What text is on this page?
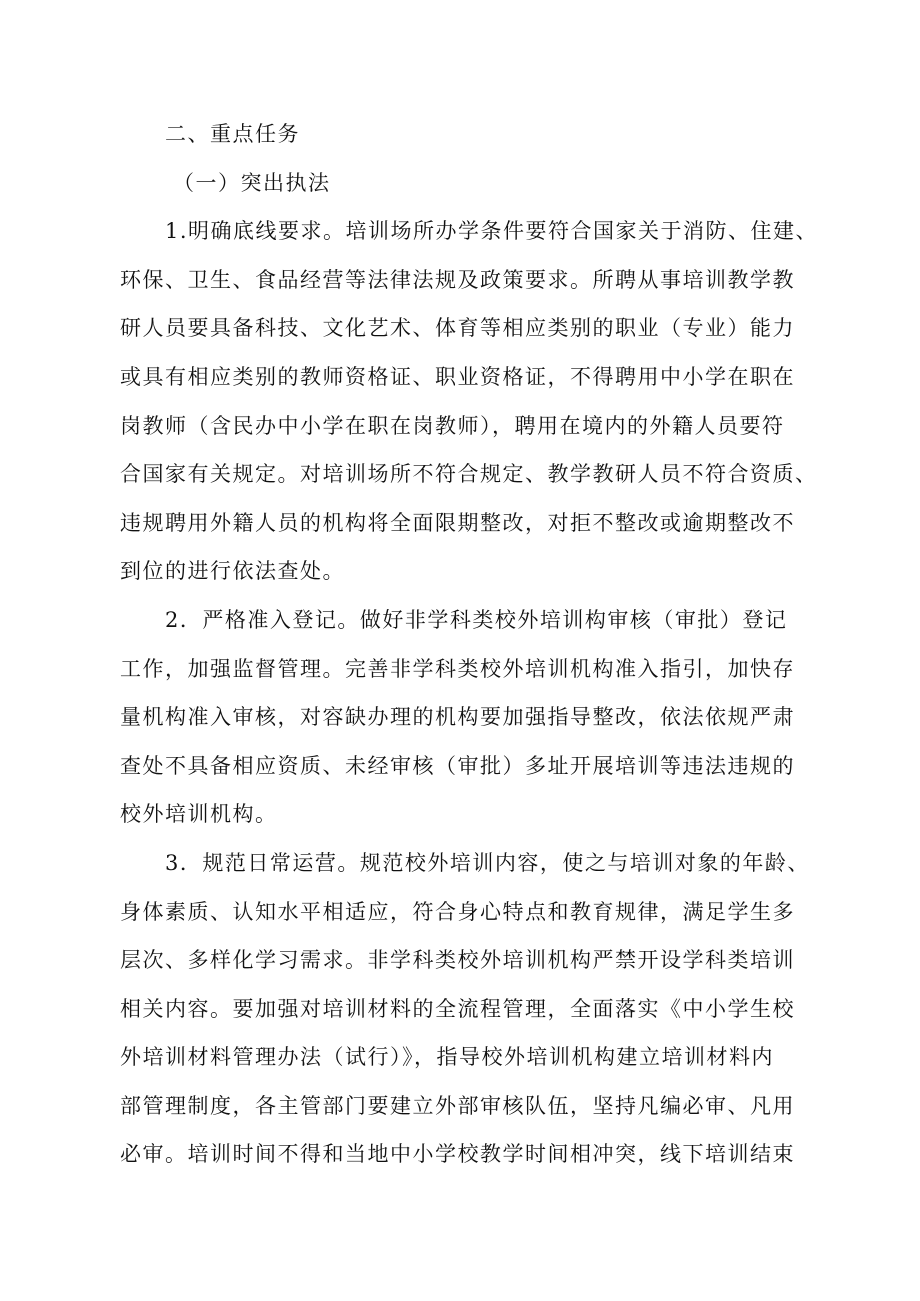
二、重点任务

（一）突出执法

1.明确底线要求。培训场所办学条件要符合国家关于消防、住建、

环保、卫生、食品经营等法律法规及政策要求。所聘从事培训教学教

研人员要具备科技、文化艺术、体育等相应类别的职业（专业）能力

或具有相应类别的教师资格证、职业资格证，不得聘用中小学在职在

岗教师（含民办中小学在职在岗教师），聘用在境内的外籍人员要符

合国家有关规定。对培训场所不符合规定、教学教研人员不符合资质、

违规聘用外籍人员的机构将全面限期整改，对拒不整改或逾期整改不

到位的进行依法查处。

2．严格准入登记。做好非学科类校外培训构审核（审批）登记

工作，加强监督管理。完善非学科类校外培训机构准入指引，加快存

量机构准入审核，对容缺办理的机构要加强指导整改，依法依规严肃

查处不具备相应资质、未经审核（审批）多址开展培训等违法违规的

校外培训机构。

3．规范日常运营。规范校外培训内容，使之与培训对象的年龄、

身体素质、认知水平相适应，符合身心特点和教育规律，满足学生多

层次、多样化学习需求。非学科类校外培训机构严禁开设学科类培训

相关内容。要加强对培训材料的全流程管理，全面落实《中小学生校

外培训材料管理办法（试行）》，指导校外培训机构建立培训材料内

部管理制度，各主管部门要建立外部审核队伍，坚持凡编必审、凡用

必审。培训时间不得和当地中小学校教学时间相冲突，线下培训结束
